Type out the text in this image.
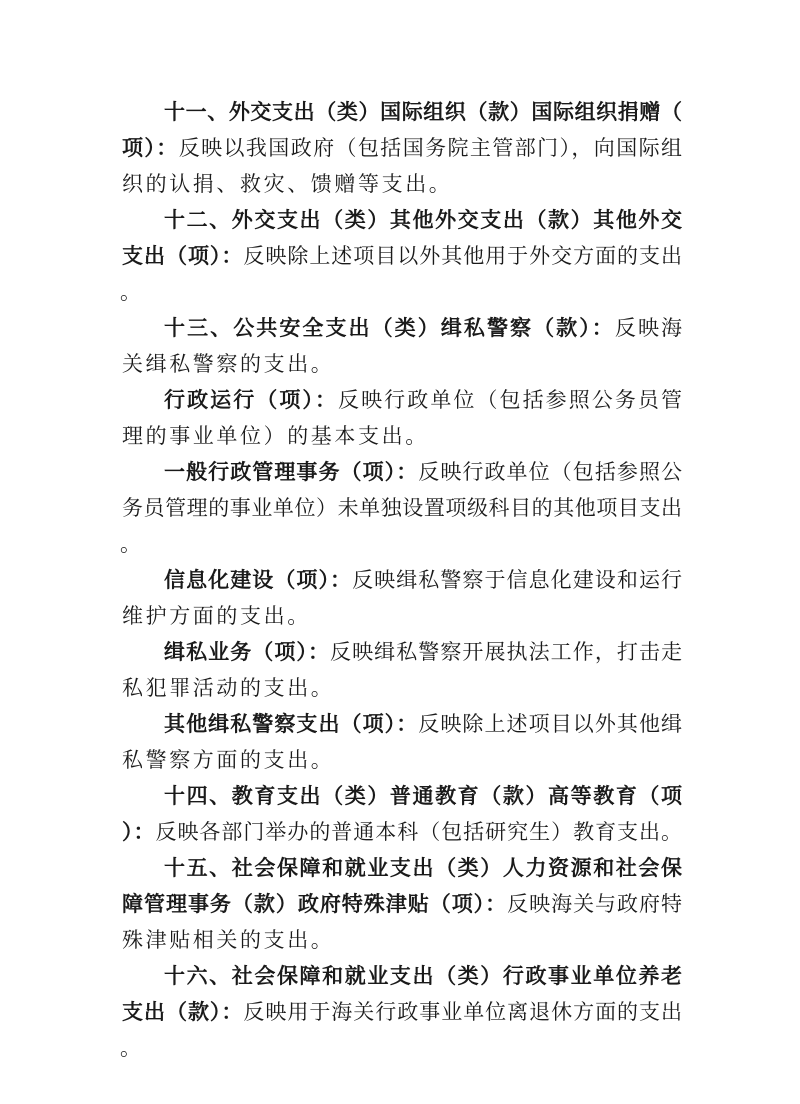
十一、外交支出（类）国际组织（款）国际组织捐赠（
项）：反映以我国政府（包括国务院主管部门），向国际组
织的认捐、救灾、馈赠等支出。
十二、外交支出（类）其他外交支出（款）其他外交
支出（项）：反映除上述项目以外其他用于外交方面的支出
。
十三、公共安全支出（类）缉私警察（款）：反映海
关缉私警察的支出。
行政运行（项）：反映行政单位（包括参照公务员管
理的事业单位）的基本支出。
一般行政管理事务（项）：反映行政单位（包括参照公
务员管理的事业单位）未单独设置项级科目的其他项目支出
。
信息化建设（项）：反映缉私警察于信息化建设和运行
维护方面的支出。
缉私业务（项）：反映缉私警察开展执法工作，打击走
私犯罪活动的支出。
其他缉私警察支出（项）：反映除上述项目以外其他缉
私警察方面的支出。
十四、教育支出（类）普通教育（款）高等教育（项
）：反映各部门举办的普通本科（包括研究生）教育支出。
十五、社会保障和就业支出（类）人力资源和社会保
障管理事务（款）政府特殊津贴（项）：反映海关与政府特
殊津贴相关的支出。
十六、社会保障和就业支出（类）行政事业单位养老
支出（款）：反映用于海关行政事业单位离退休方面的支出
。
